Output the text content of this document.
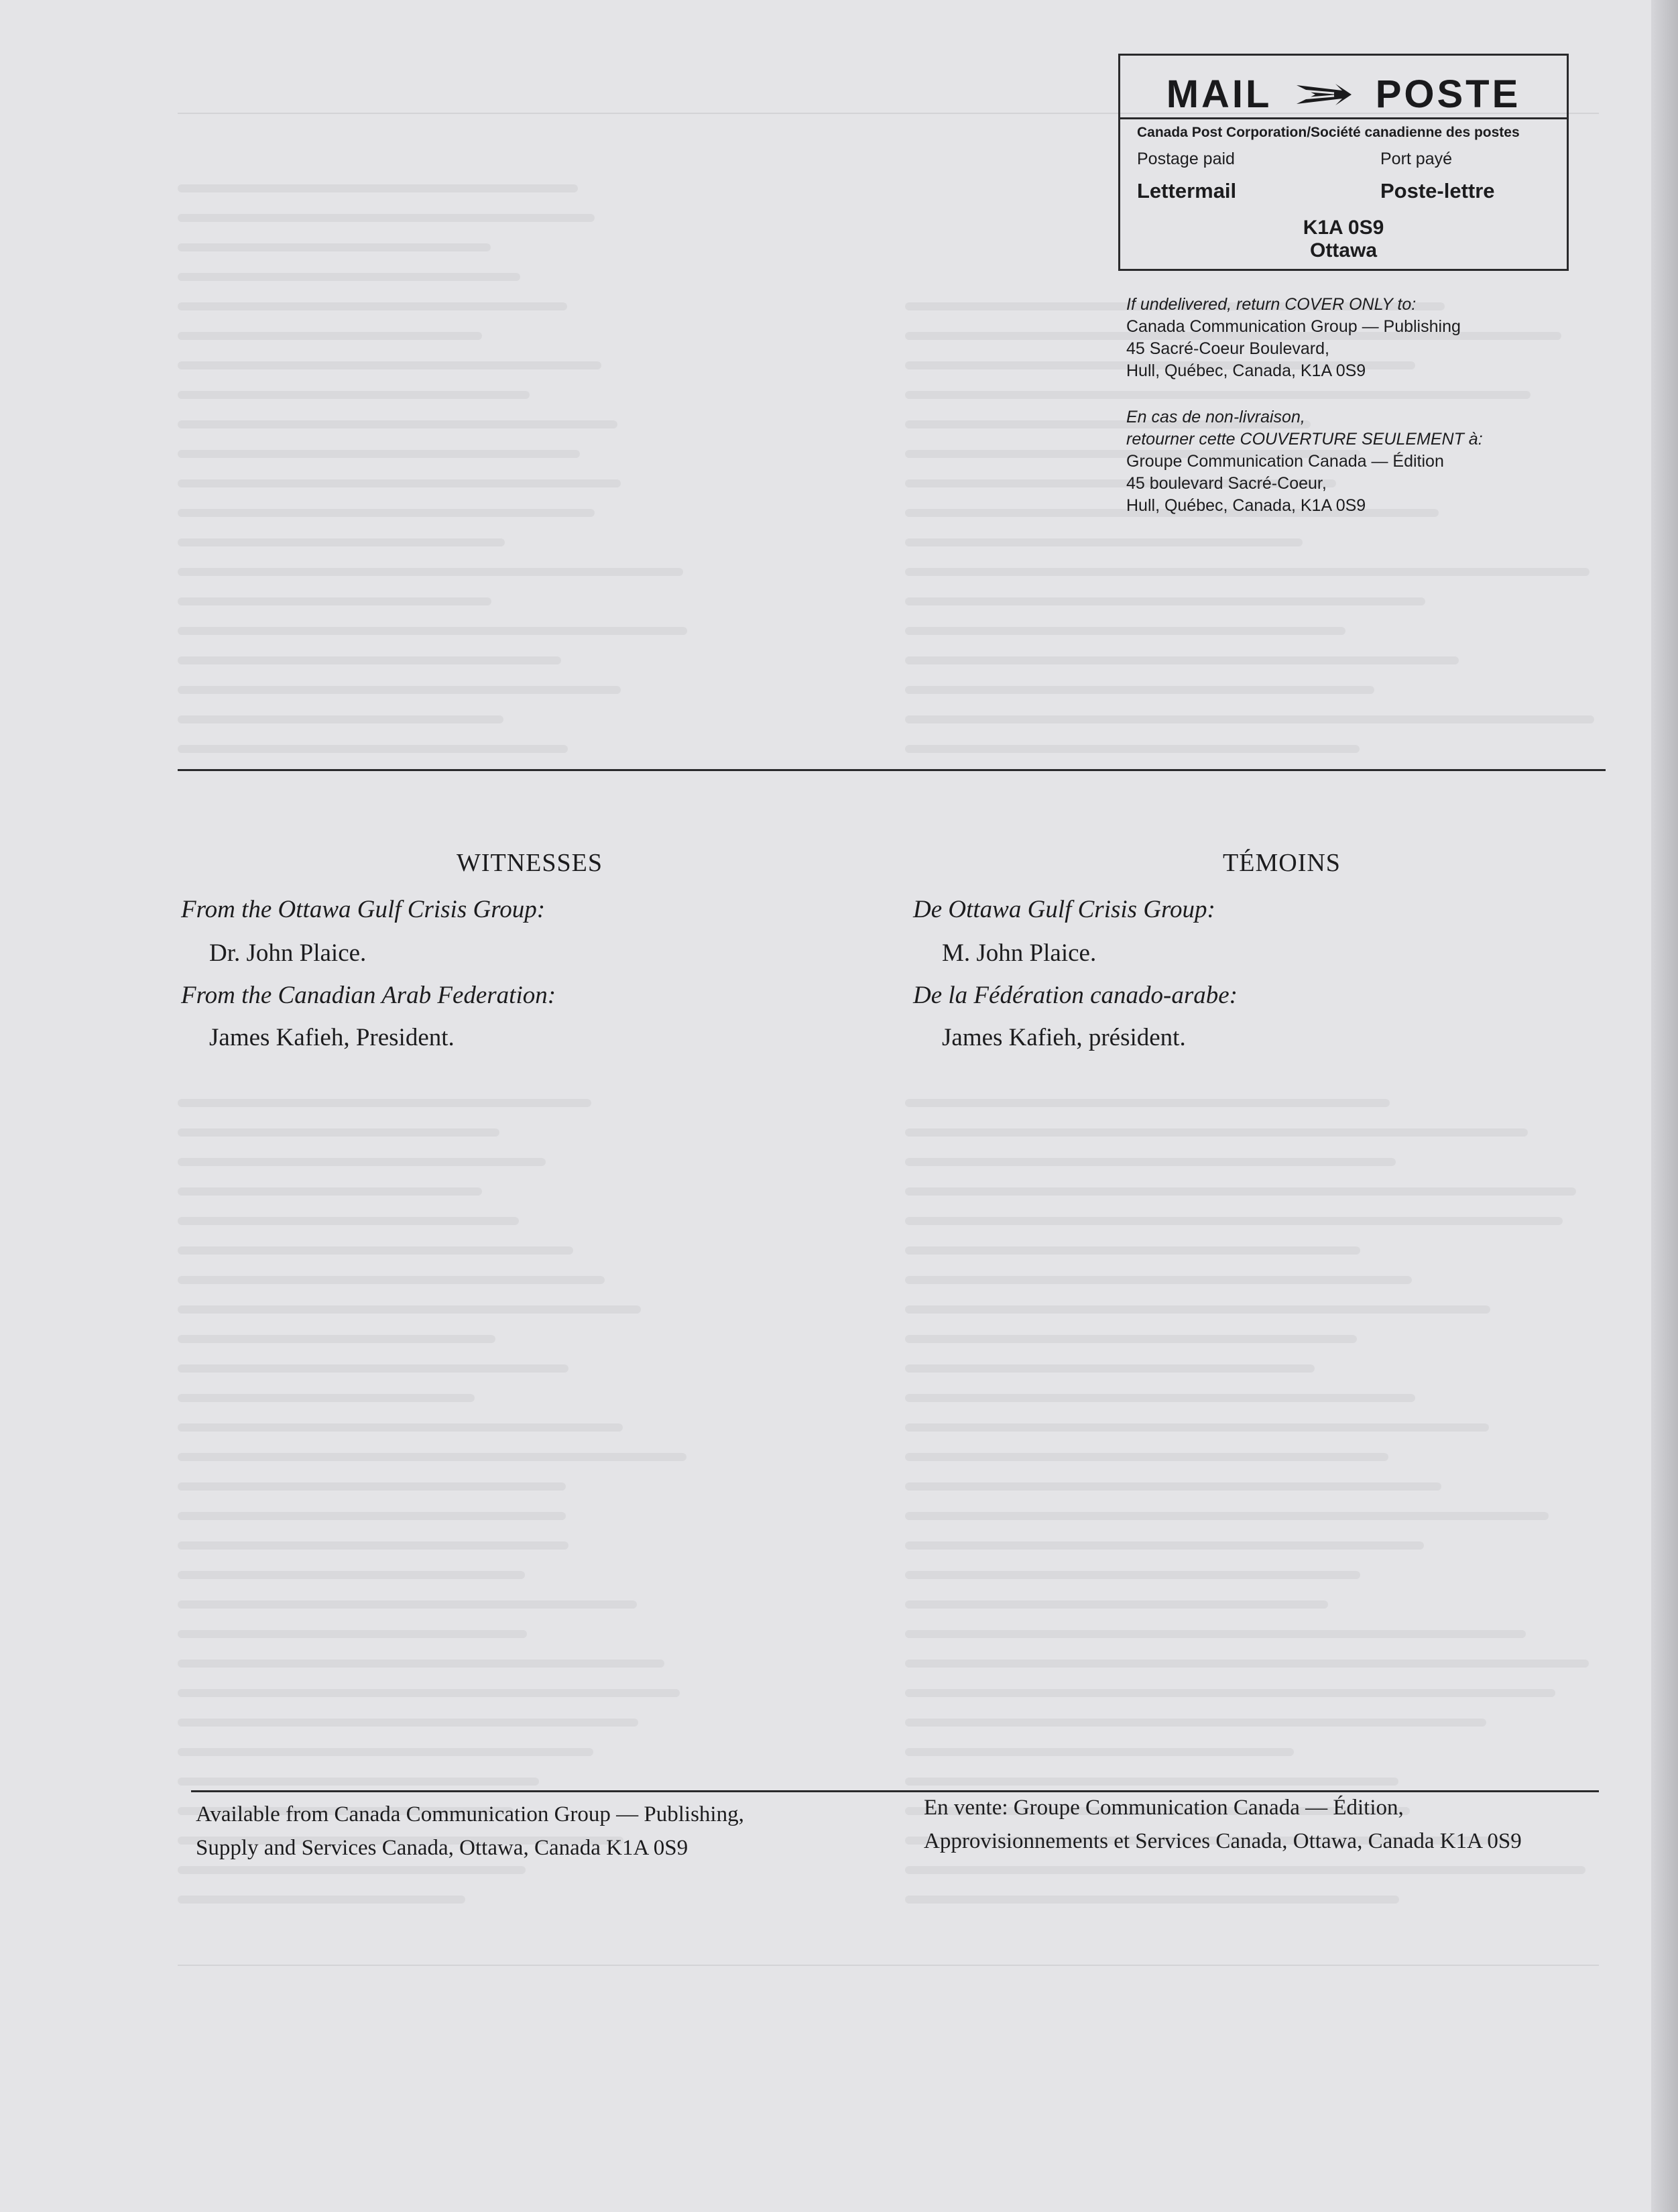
MAIL	POSTE
Canada Post Corporation/Société canadienne des postes
Postage paid	Port payé
Lettermail	Poste-lettre
K1A 0S9
Ottawa
If undelivered, return COVER ONLY to:
Canada Communication Group — Publishing
45 Sacré-Coeur Boulevard,
Hull, Québec, Canada, K1A 0S9
En cas de non-livraison,
retourner cette COUVERTURE SEULEMENT à:
Groupe Communication Canada — Édition
45 boulevard Sacré-Coeur,
Hull, Québec, Canada, K1A 0S9
WITNESSES
From the Ottawa Gulf Crisis Group:
Dr. John Plaice.
From the Canadian Arab Federation:
James Kafieh, President.
TÉMOINS
De Ottawa Gulf Crisis Group:
M. John Plaice.
De la Fédération canado-arabe:
James Kafieh, président.
Available from Canada Communication Group — Publishing,
Supply and Services Canada, Ottawa, Canada K1A 0S9
En vente: Groupe Communication Canada — Édition,
Approvisionnements et Services Canada, Ottawa, Canada K1A 0S9
